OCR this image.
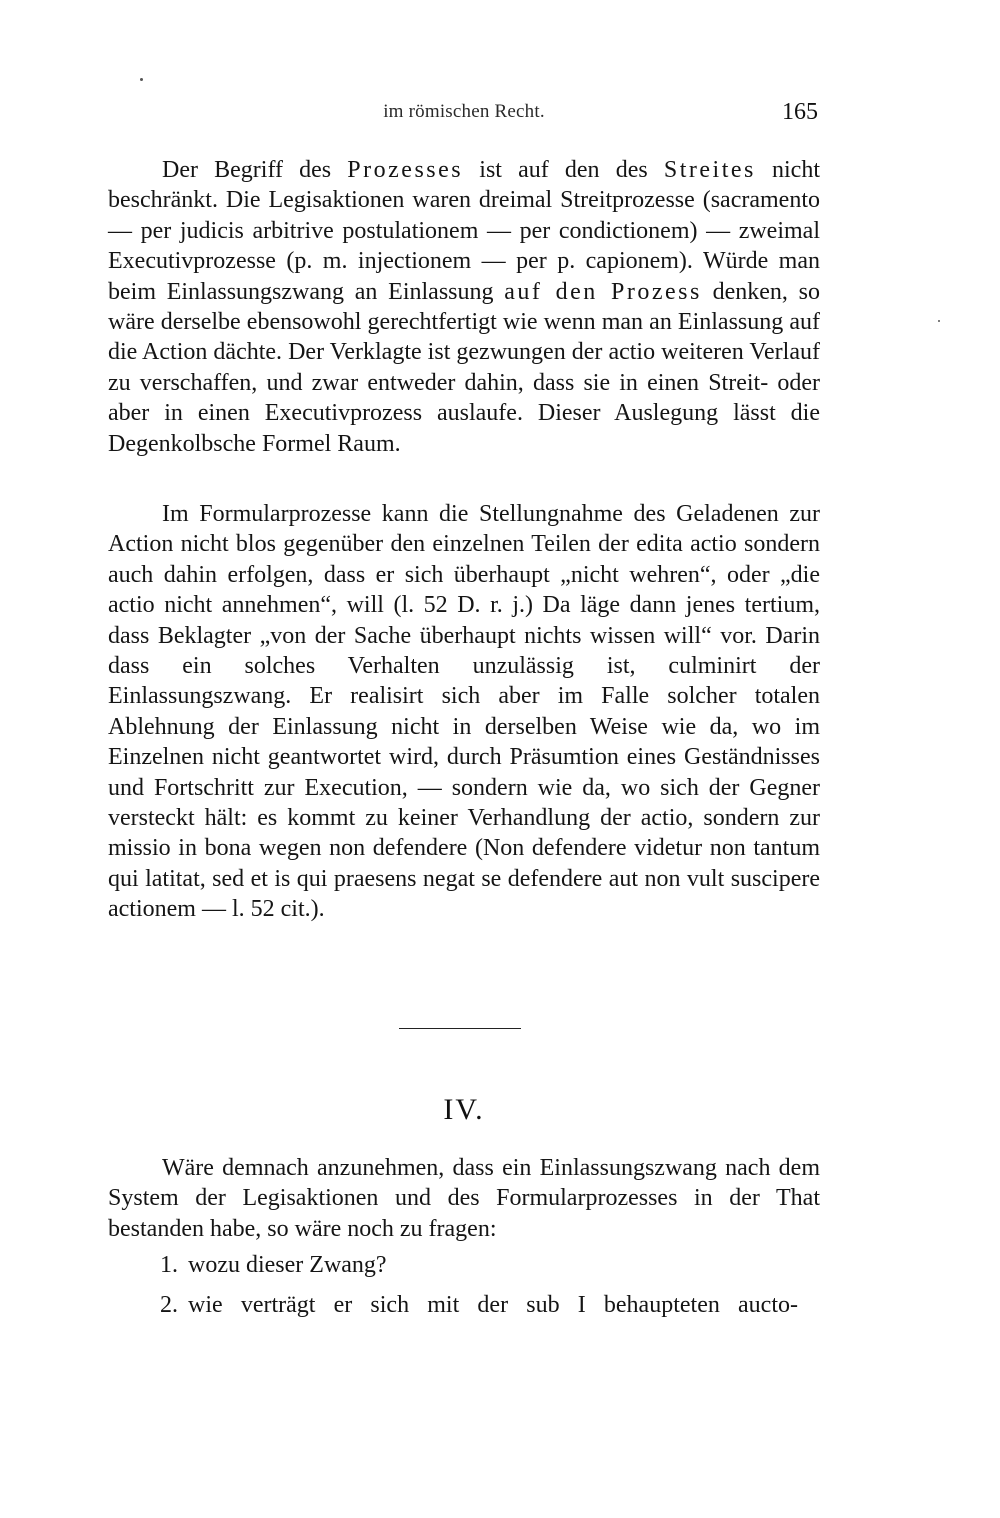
im römischen Recht.	165

Der Begriff des Prozesses ist auf den des Streites nicht beschränkt. Die Legisaktionen waren dreimal Streitprozesse (sacramento — per judicis arbitrive postulationem — per condictionem) — zweimal Executivprozesse (p. m. injectionem — per p. capionem). Würde man beim Einlassungszwang an Einlassung auf den Prozess denken, so wäre derselbe ebensowohl gerechtfertigt wie wenn man an Einlassung auf die Action dächte. Der Verklagte ist gezwungen der actio weiteren Verlauf zu verschaffen, und zwar entweder dahin, dass sie in einen Streit- oder aber in einen Executivprozess auslaufe. Dieser Auslegung lässt die Degenkolbsche Formel Raum.

Im Formularprozesse kann die Stellungnahme des Geladenen zur Action nicht blos gegenüber den einzelnen Teilen der edita actio sondern auch dahin erfolgen, dass er sich überhaupt „nicht wehren“, oder „die actio nicht annehmen“, will (l. 52 D. r. j.) Da läge dann jenes tertium, dass Beklagter „von der Sache überhaupt nichts wissen will“ vor. Darin dass ein solches Verhalten unzulässig ist, culminirt der Einlassungszwang. Er realisirt sich aber im Falle solcher totalen Ablehnung der Einlassung nicht in derselben Weise wie da, wo im Einzelnen nicht geantwortet wird, durch Präsumtion eines Geständnisses und Fortschritt zur Execution, — sondern wie da, wo sich der Gegner versteckt hält: es kommt zu keiner Verhandlung der actio, sondern zur missio in bona wegen non defendere (Non defendere videtur non tantum qui latitat, sed et is qui praesens negat se defendere aut non vult suscipere actionem — l. 52 cit.).

IV.

Wäre demnach anzunehmen, dass ein Einlassungszwang nach dem System der Legisaktionen und des Formularprozesses in der That bestanden habe, so wäre noch zu fragen:

1. wozu dieser Zwang?
2. wie verträgt er sich mit der sub I behaupteten aucto-
